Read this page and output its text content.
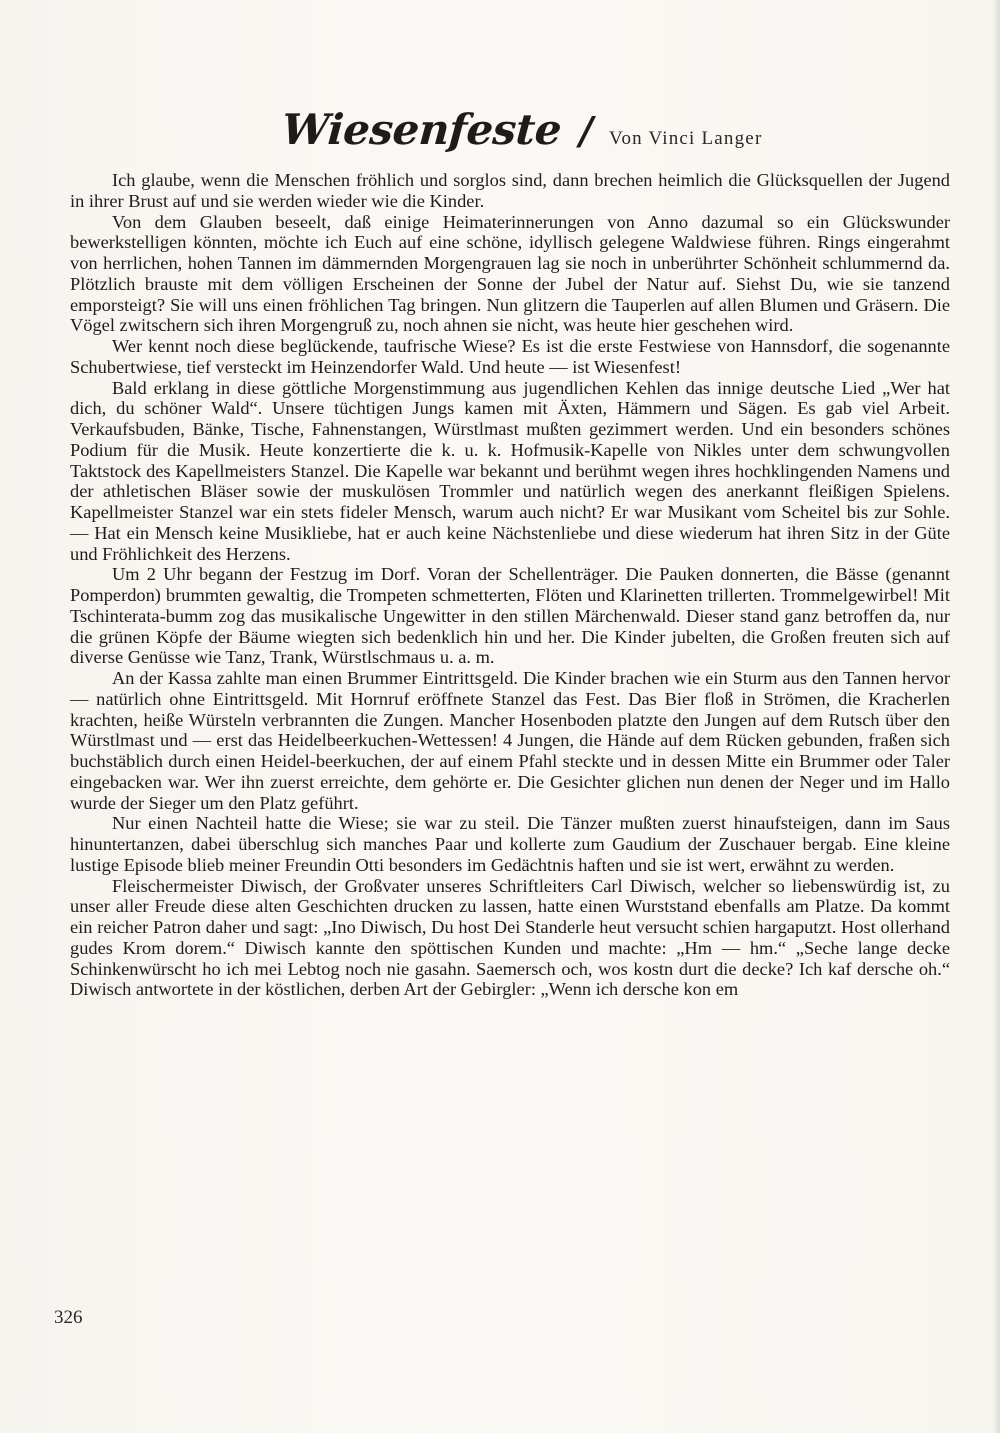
Wiesenfeste / Von Vinci Langer

Ich glaube, wenn die Menschen fröhlich und sorglos sind, dann brechen heimlich die Glücksquellen der Jugend in ihrer Brust auf und sie werden wieder wie die Kinder.

Von dem Glauben beseelt, daß einige Heimaterinnerungen von Anno dazumal so ein Glückswunder bewerkstelligen könnten, möchte ich Euch auf eine schöne, idyllisch gelegene Waldwiese führen. Rings eingerahmt von herrlichen, hohen Tannen im dämmernden Morgengrauen lag sie noch in unberührter Schönheit schlummernd da. Plötzlich brauste mit dem völligen Erscheinen der Sonne der Jubel der Natur auf. Siehst Du, wie sie tanzend emporsteigt? Sie will uns einen fröhlichen Tag bringen. Nun glitzern die Tauperlen auf allen Blumen und Gräsern. Die Vögel zwitschern sich ihren Morgengruß zu, noch ahnen sie nicht, was heute hier geschehen wird.

Wer kennt noch diese beglückende, taufrische Wiese? Es ist die erste Festwiese von Hannsdorf, die sogenannte Schubertwiese, tief versteckt im Heinzendorfer Wald. Und heute — ist Wiesenfest!

Bald erklang in diese göttliche Morgenstimmung aus jugendlichen Kehlen das innige deutsche Lied „Wer hat dich, du schöner Wald“. Unsere tüchtigen Jungs kamen mit Äxten, Hämmern und Sägen. Es gab viel Arbeit. Verkaufsbuden, Bänke, Tische, Fahnenstangen, Würstlmast mußten gezimmert werden. Und ein besonders schönes Podium für die Musik. Heute konzertierte die k. u. k. Hofmusik-Kapelle von Nikles unter dem schwungvollen Taktstock des Kapellmeisters Stanzel. Die Kapelle war bekannt und berühmt wegen ihres hochklingenden Namens und der athletischen Bläser sowie der muskulösen Trommler und natürlich wegen des anerkannt fleißigen Spielens. Kapellmeister Stanzel war ein stets fideler Mensch, warum auch nicht? Er war Musikant vom Scheitel bis zur Sohle. — Hat ein Mensch keine Musikliebe, hat er auch keine Nächstenliebe und diese wiederum hat ihren Sitz in der Güte und Fröhlichkeit des Herzens.

Um 2 Uhr begann der Festzug im Dorf. Voran der Schellenträger. Die Pauken donnerten, die Bässe (genannt Pomperdon) brummten gewaltig, die Trompeten schmetterten, Flöten und Klarinetten trillerten. Trommelgewirbel! Mit Tschinterata-bumm zog das musikalische Ungewitter in den stillen Märchenwald. Dieser stand ganz betroffen da, nur die grünen Köpfe der Bäume wiegten sich bedenklich hin und her. Die Kinder jubelten, die Großen freuten sich auf diverse Genüsse wie Tanz, Trank, Würstlschmaus u. a. m.

An der Kassa zahlte man einen Brummer Eintrittsgeld. Die Kinder brachen wie ein Sturm aus den Tannen hervor — natürlich ohne Eintrittsgeld. Mit Hornruf eröffnete Stanzel das Fest. Das Bier floß in Strömen, die Kracherlen krachten, heiße Würsteln verbrannten die Zungen. Mancher Hosenboden platzte den Jungen auf dem Rutsch über den Würstlmast und — erst das Heidelbeerkuchen-Wettessen! 4 Jungen, die Hände auf dem Rücken gebunden, fraßen sich buchstäblich durch einen Heidel-beerkuchen, der auf einem Pfahl steckte und in dessen Mitte ein Brummer oder Taler eingebacken war. Wer ihn zuerst erreichte, dem gehörte er. Die Gesichter glichen nun denen der Neger und im Hallo wurde der Sieger um den Platz geführt.

Nur einen Nachteil hatte die Wiese; sie war zu steil. Die Tänzer mußten zuerst hinaufsteigen, dann im Saus hinuntertanzen, dabei überschlug sich manches Paar und kollerte zum Gaudium der Zuschauer bergab. Eine kleine lustige Episode blieb meiner Freundin Otti besonders im Gedächtnis haften und sie ist wert, erwähnt zu werden.

Fleischermeister Diwisch, der Großvater unseres Schriftleiters Carl Diwisch, welcher so liebenswürdig ist, zu unser aller Freude diese alten Geschichten drucken zu lassen, hatte einen Wurststand ebenfalls am Platze. Da kommt ein reicher Patron daher und sagt: „Ino Diwisch, Du host Dei Standerle heut versucht schien hargaputzt. Host ollerhand gudes Krom dorem.“ Diwisch kannte den spöttischen Kunden und machte: „Hm — hm.“ „Seche lange decke Schinkenwürscht ho ich mei Lebtog noch nie gasahn. Saemersch och, wos kostn durt die decke? Ich kaf dersche oh.“ Diwisch antwortete in der köstlichen, derben Art der Gebirgler: „Wenn ich dersche kon em

326
